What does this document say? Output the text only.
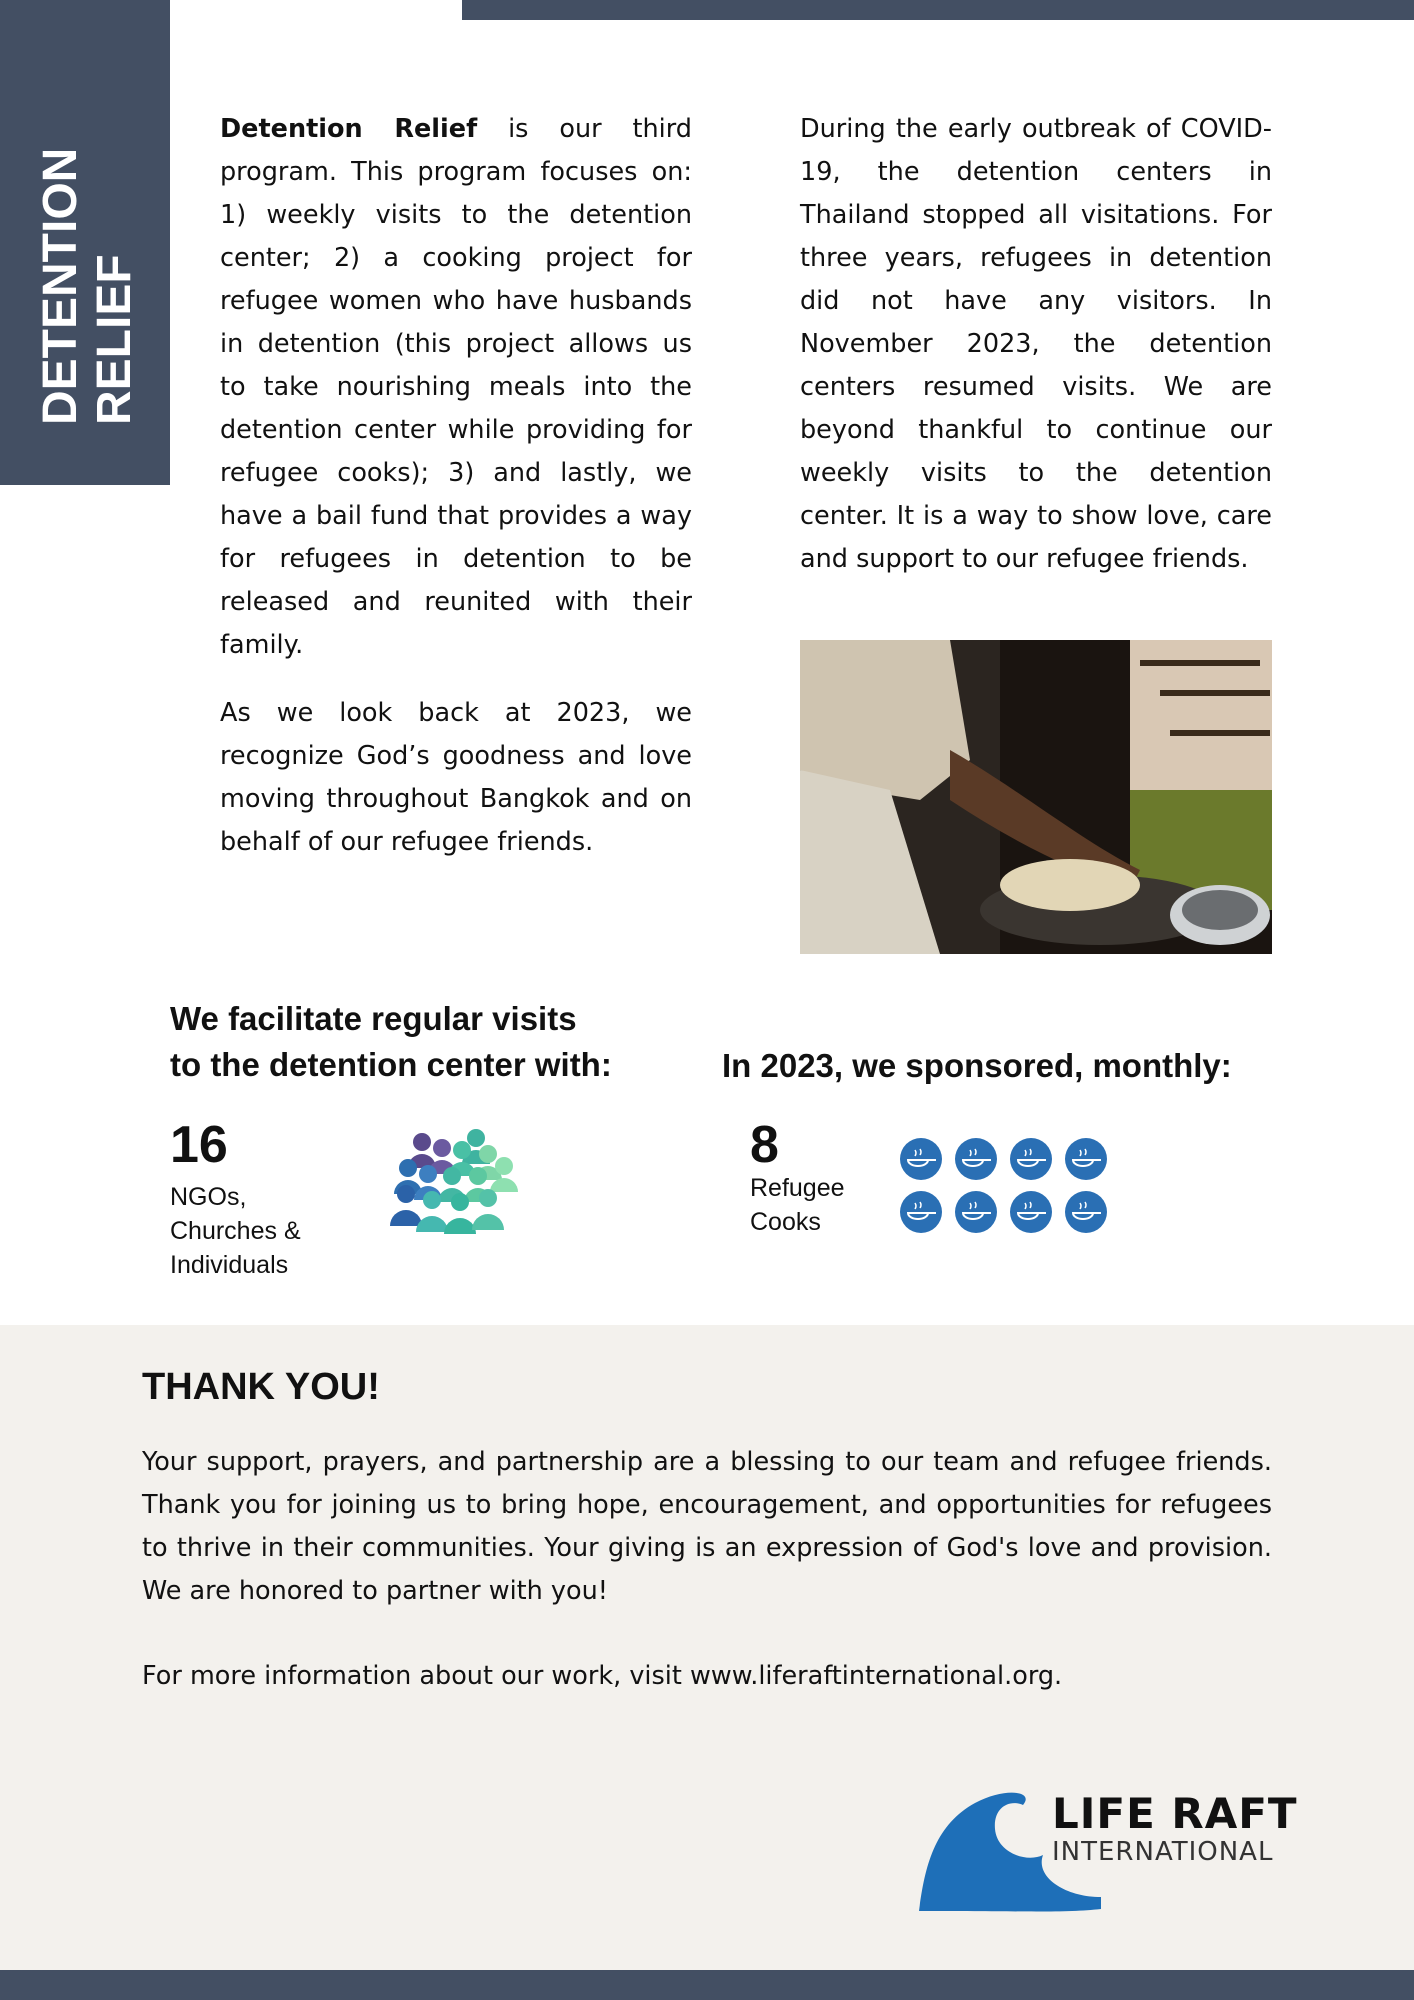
DETENTION RELIEF

Detention Relief is our third program. This program focuses on: 1) weekly visits to the detention center; 2) a cooking project for refugee women who have husbands in detention (this project allows us to take nourishing meals into the detention center while providing for refugee cooks); 3) and lastly, we have a bail fund that provides a way for refugees in detention to be released and reunited with their family.

As we look back at 2023, we recognize God’s goodness and love moving throughout Bangkok and on behalf of our refugee friends.

During the early outbreak of COVID-19, the detention centers in Thailand stopped all visitations. For three years, refugees in detention did not have any visitors. In November 2023, the detention centers resumed visits. We are beyond thankful to continue our weekly visits to the detention center. It is a way to show love, care and support to our refugee friends.

We facilitate regular visits
to the detention center with:	In 2023, we sponsored, monthly:
16
NGOs,
Churches &
Individuals
8
Refugee
Cooks
THANK YOU!

Your support, prayers, and partnership are a blessing to our team and refugee friends. Thank you for joining us to bring hope, encouragement, and opportunities for refugees to thrive in their communities. Your giving is an expression of God's love and provision. We are honored to partner with you!

For more information about our work, visit www.liferaftinternational.org.

LIFE RAFT
INTERNATIONAL
